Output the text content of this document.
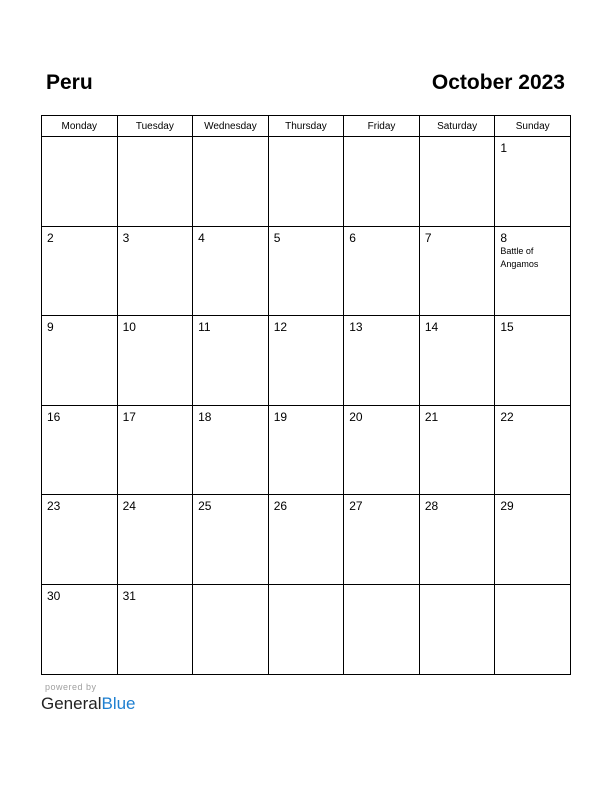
Peru	October 2023
Monday	Tuesday	Wednesday	Thursday	Friday	Saturday	Sunday

						1

2	3	4	5	6	7	8
Battle of Angamos

9	10	11	12	13	14	15

16	17	18	19	20	21	22

23	24	25	26	27	28	29

30	31					

powered by
GeneralBlue
